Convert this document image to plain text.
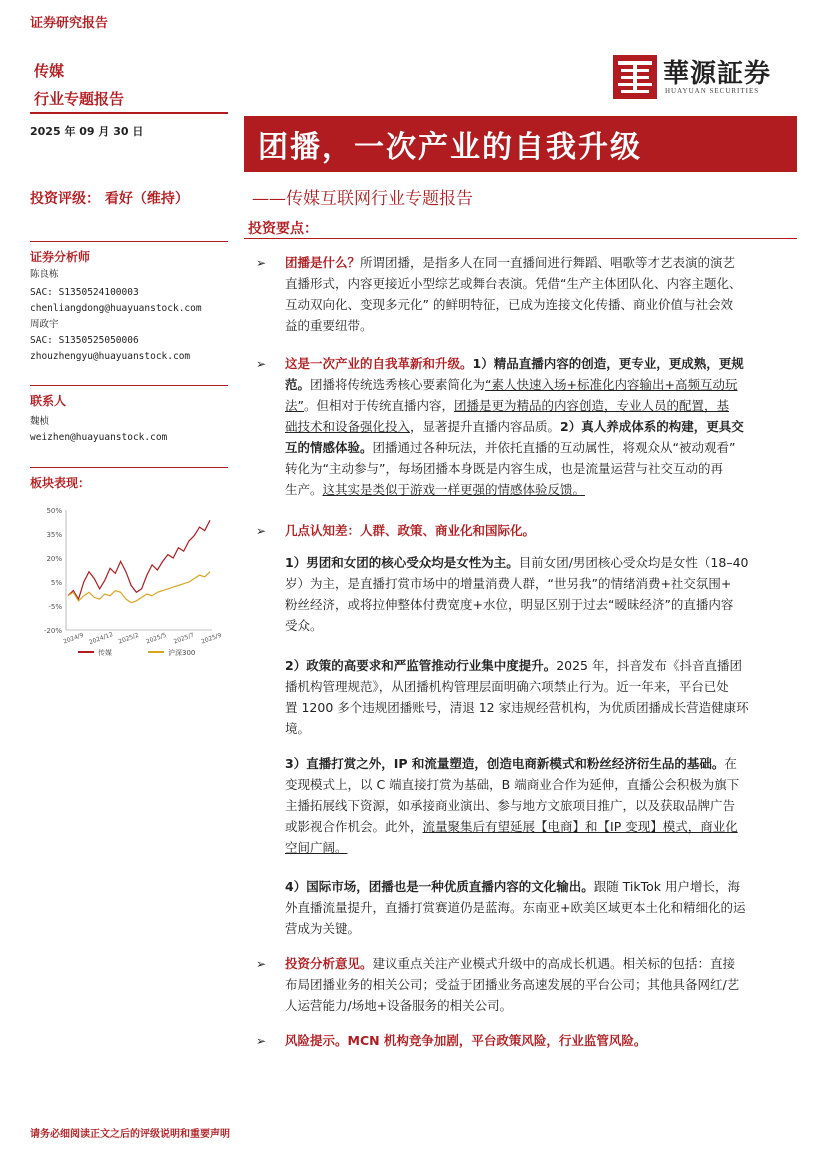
证券研究报告
传媒
行业专题报告
2025 年 09 月 30 日
華源証券
HUAYUAN SECURITIES
团播，一次产业的自我升级
——传媒互联网行业专题报告
投资评级： 看好（维持）
投资要点：
证券分析师
陈良栋
SAC: S1350524100003
chenliangdong@huayuanstock.com
周政宇
SAC: S1350525050006
zhouzhengyu@huayuanstock.com
联系人
魏桢
weizhen@huayuanstock.com
板块表现：
50%
35%
20%
5%
-5%
-20%
2024/9 2024/12 2025/2 2025/5 2025/7 2025/9
传媒	沪深300
➢ 团播是什么？所谓团播，是指多人在同一直播间进行舞蹈、唱歌等才艺表演的演艺
直播形式，内容更接近小型综艺或舞台表演。凭借“生产主体团队化、内容主题化、
互动双向化、变现多元化” 的鲜明特征，已成为连接文化传播、商业价值与社会效
益的重要纽带。
➢ 这是一次产业的自我革新和升级。1）精品直播内容的创造，更专业，更成熟，更规
范。团播将传统选秀核心要素简化为“素人快速入场+标准化内容输出+高频互动玩
法”。但相对于传统直播内容，团播是更为精品的内容创造，专业人员的配置，基
础技术和设备强化投入，显著提升直播内容品质。2）真人养成体系的构建，更具交
互的情感体验。团播通过各种玩法，并依托直播的互动属性，将观众从“被动观看”
转化为“主动参与”，每场团播本身既是内容生成，也是流量运营与社交互动的再
生产。这其实是类似于游戏一样更强的情感体验反馈。
➢ 几点认知差：人群、政策、商业化和国际化。
1）男团和女团的核心受众均是女性为主。目前女团/男团核心受众均是女性（18–40
岁）为主，是直播打赏市场中的增量消费人群，“世另我”的情绪消费+社交氛围+
粉丝经济，或将拉伸整体付费宽度+水位，明显区别于过去“暧昧经济”的直播内容
受众。
2）政策的高要求和严监管推动行业集中度提升。2025 年，抖音发布《抖音直播团
播机构管理规范》，从团播机构管理层面明确六项禁止行为。近一年来，平台已处
置 1200 多个违规团播账号，清退 12 家违规经营机构，为优质团播成长营造健康环
境。
3）直播打赏之外，IP 和流量塑造，创造电商新模式和粉丝经济衍生品的基础。在
变现模式上，以 C 端直接打赏为基础，B 端商业合作为延伸，直播公会积极为旗下
主播拓展线下资源，如承接商业演出、参与地方文旅项目推广，以及获取品牌广告
或影视合作机会。此外，流量聚集后有望延展【电商】和【IP 变现】模式，商业化
空间广阔。
4）国际市场，团播也是一种优质直播内容的文化输出。跟随 TikTok 用户增长，海
外直播流量提升，直播打赏赛道仍是蓝海。东南亚+欧美区域更本土化和精细化的运
营成为关键。
➢ 投资分析意见。建议重点关注产业模式升级中的高成长机遇。相关标的包括：直接
布局团播业务的相关公司；受益于团播业务高速发展的平台公司；其他具备网红/艺
人运营能力/场地+设备服务的相关公司。
➢ 风险提示。MCN 机构竞争加剧，平台政策风险，行业监管风险。
请务必细阅读正文之后的评级说明和重要声明
